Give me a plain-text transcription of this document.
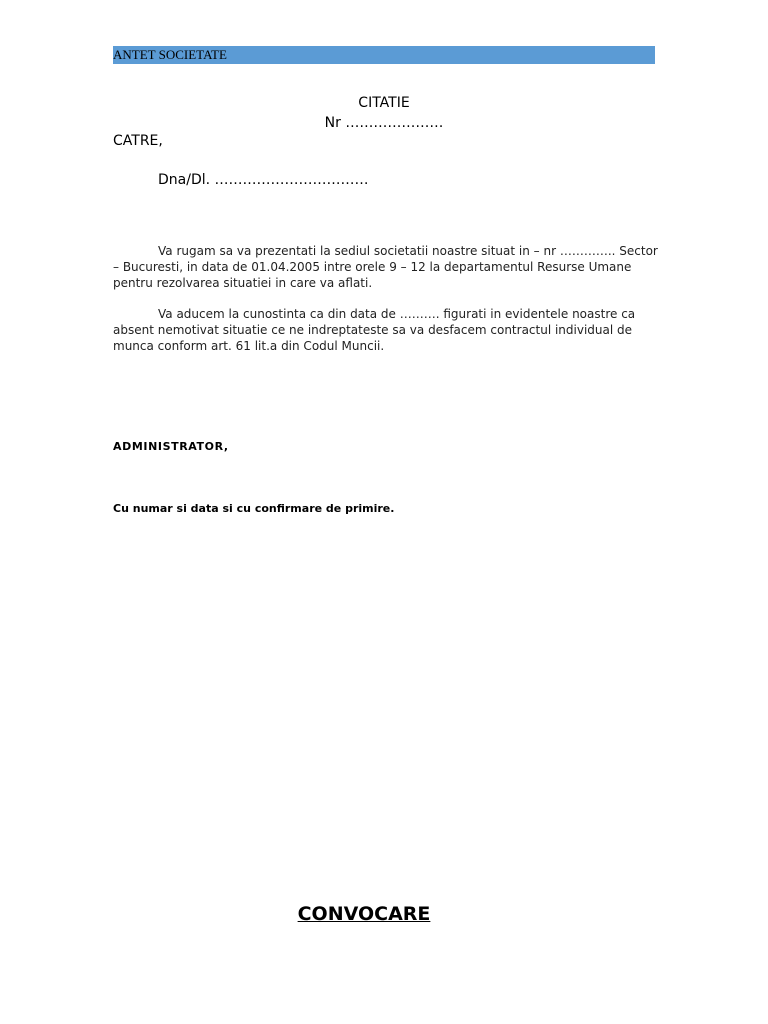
ANTET SOCIETATE
CITATIE
Nr …………………
CATRE,
Dna/Dl. ……………………………

Va rugam sa va prezentati la sediul societatii noastre situat in – nr ………….. Sector – Bucuresti, in data de 01.04.2005 intre orele 9 – 12 la departamentul Resurse Umane pentru rezolvarea situatiei in care va aflati.

Va aducem la cunostinta ca din data de ………. figurati in evidentele noastre ca absent nemotivat situatie ce ne indreptateste sa va desfacem contractul individual de munca conform art. 61 lit.a din Codul Muncii.

ADMINISTRATOR,
Cu numar si data si cu confirmare de primire.
CONVOCARE
